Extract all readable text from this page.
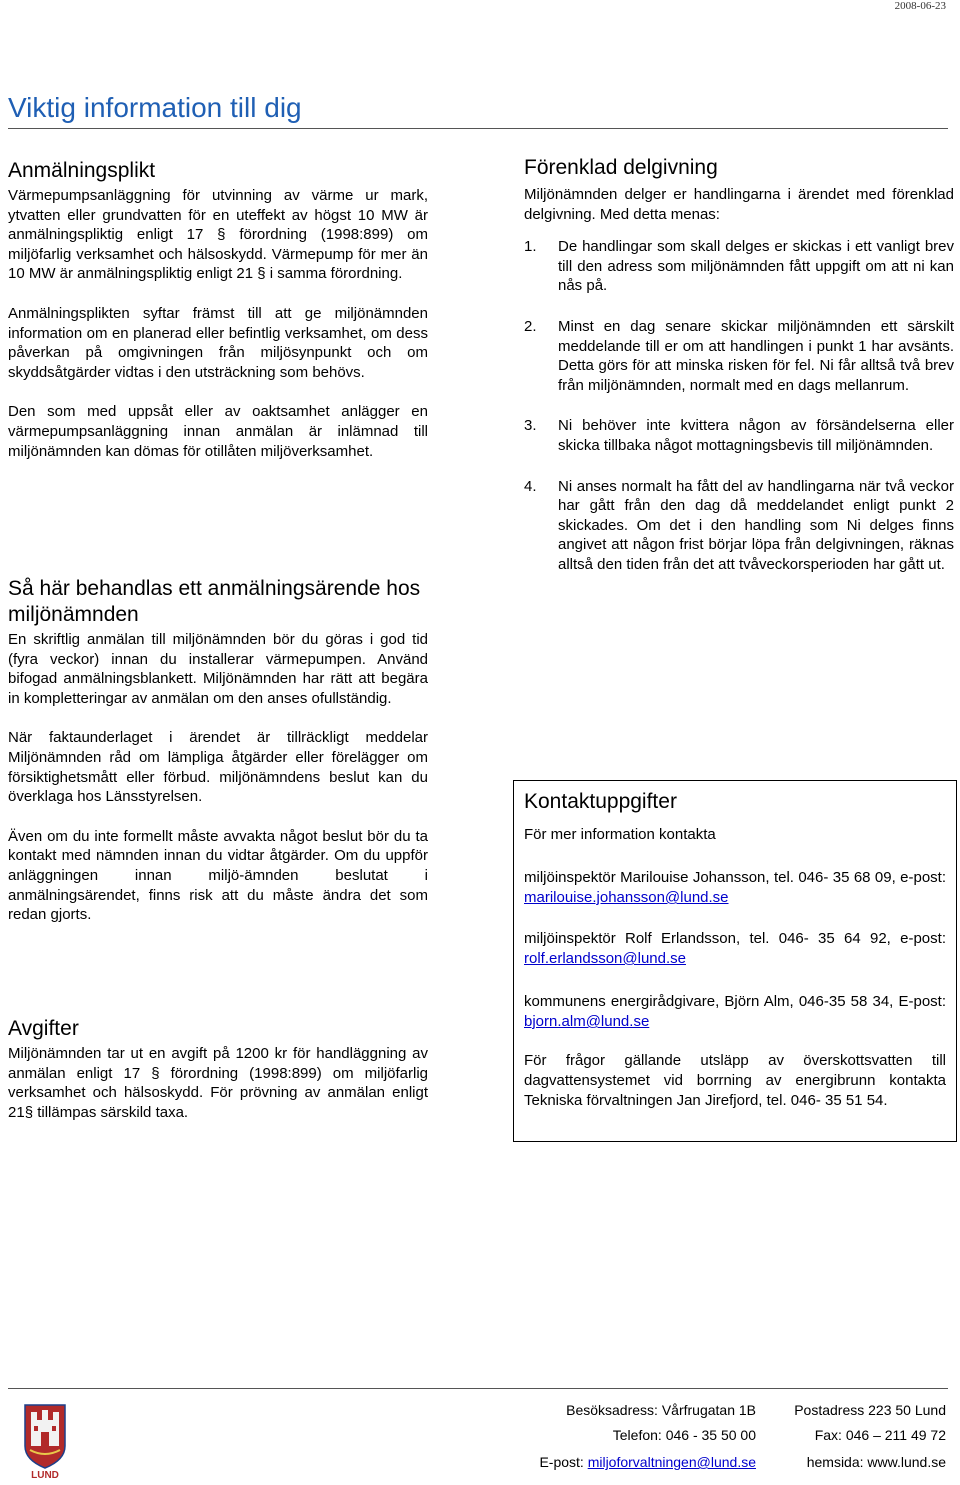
2008-06-23
Viktig information till dig
Anmälningsplikt

Värmepumpsanläggning för utvinning av värme ur mark, ytvatten eller grundvatten för en uteffekt av högst 10 MW är anmälningspliktig enligt 17 § förordning (1998:899) om miljöfarlig verksamhet och hälsoskydd. Värmepump för mer än 10 MW är anmälningspliktig enligt 21 § i samma förordning.

Anmälningsplikten syftar främst till att ge miljönämnden information om en planerad eller befintlig verksamhet, om dess påverkan på omgivningen från miljösynpunkt och om skyddsåtgärder vidtas i den utsträckning som behövs.

Den som med uppsåt eller av oaktsamhet anlägger en värmepumpsanläggning innan anmälan är inlämnad till miljönämnden kan dömas för otillåten miljöverksamhet.

Så här behandlas ett anmälningsärende hos miljönämnden

En skriftlig anmälan till miljönämnden bör du göras i god tid (fyra veckor) innan du installerar värmepumpen. Använd bifogad anmälningsblankett. Miljönämnden har rätt att begära in kompletteringar av anmälan om den anses ofullständig.

När faktaunderlaget i ärendet är tillräckligt meddelar Miljönämnden råd om lämpliga åtgärder eller förelägger om försiktighetsmått eller förbud. miljönämndens beslut kan du överklaga hos Länsstyrelsen.

Även om du inte formellt måste avvakta något beslut bör du ta kontakt med nämnden innan du vidtar åtgärder. Om du uppför anläggningen innan miljö-ämnden beslutat i anmälningsärendet, finns risk att du måste ändra det som redan gjorts.

Avgifter

Miljönämnden tar ut en avgift på 1200 kr för handläggning av anmälan enligt 17 § förordning (1998:899) om miljöfarlig verksamhet och hälsoskydd. För prövning av anmälan enligt 21§ tillämpas särskild taxa.

Förenklad delgivning

Miljönämnden delger er handlingarna i ärendet med förenklad delgivning. Med detta menas:

1.	De handlingar som skall delges er skickas i ett vanligt brev till den adress som miljönämnden fått uppgift om att ni kan nås på.
2.	Minst en dag senare skickar miljönämnden ett särskilt meddelande till er om att handlingen i punkt 1 har avsänts. Detta görs för att minska risken för fel. Ni får alltså två brev från miljönämnden, normalt med en dags mellanrum.
3.	Ni behöver inte kvittera någon av försändelserna eller skicka tillbaka något mottagningsbevis till miljönämnden.
4.	Ni anses normalt ha fått del av handlingarna när två veckor har gått från den dag då meddelandet enligt punkt 2 skickades. Om det i den handling som Ni delges finns angivet att någon frist börjar löpa från delgivningen, räknas alltså den tiden från det att tvåveckorsperioden har gått ut.
Kontaktuppgifter

För mer information kontakta

miljöinspektör Marilouise Johansson, tel. 046- 35 68 09, e-post: marilouise.johansson@lund.se

miljöinspektör Rolf Erlandsson, tel. 046- 35 64 92, e-post: rolf.erlandsson@lund.se

kommunens energirådgivare, Björn Alm, 046-35 58 34, E-post: bjorn.alm@lund.se

För frågor gällande utsläpp av överskottsvatten till dagvattensystemet vid borrning av energibrunn kontakta Tekniska förvaltningen Jan Jirefjord, tel. 046- 35 51 54.

LUND
Besöksadress: Vårfrugatan 1B	Postadress 223 50 Lund
Telefon: 046 - 35 50 00	Fax: 046 – 211 49 72
E-post: miljoforvaltningen@lund.se	hemsida: www.lund.se
